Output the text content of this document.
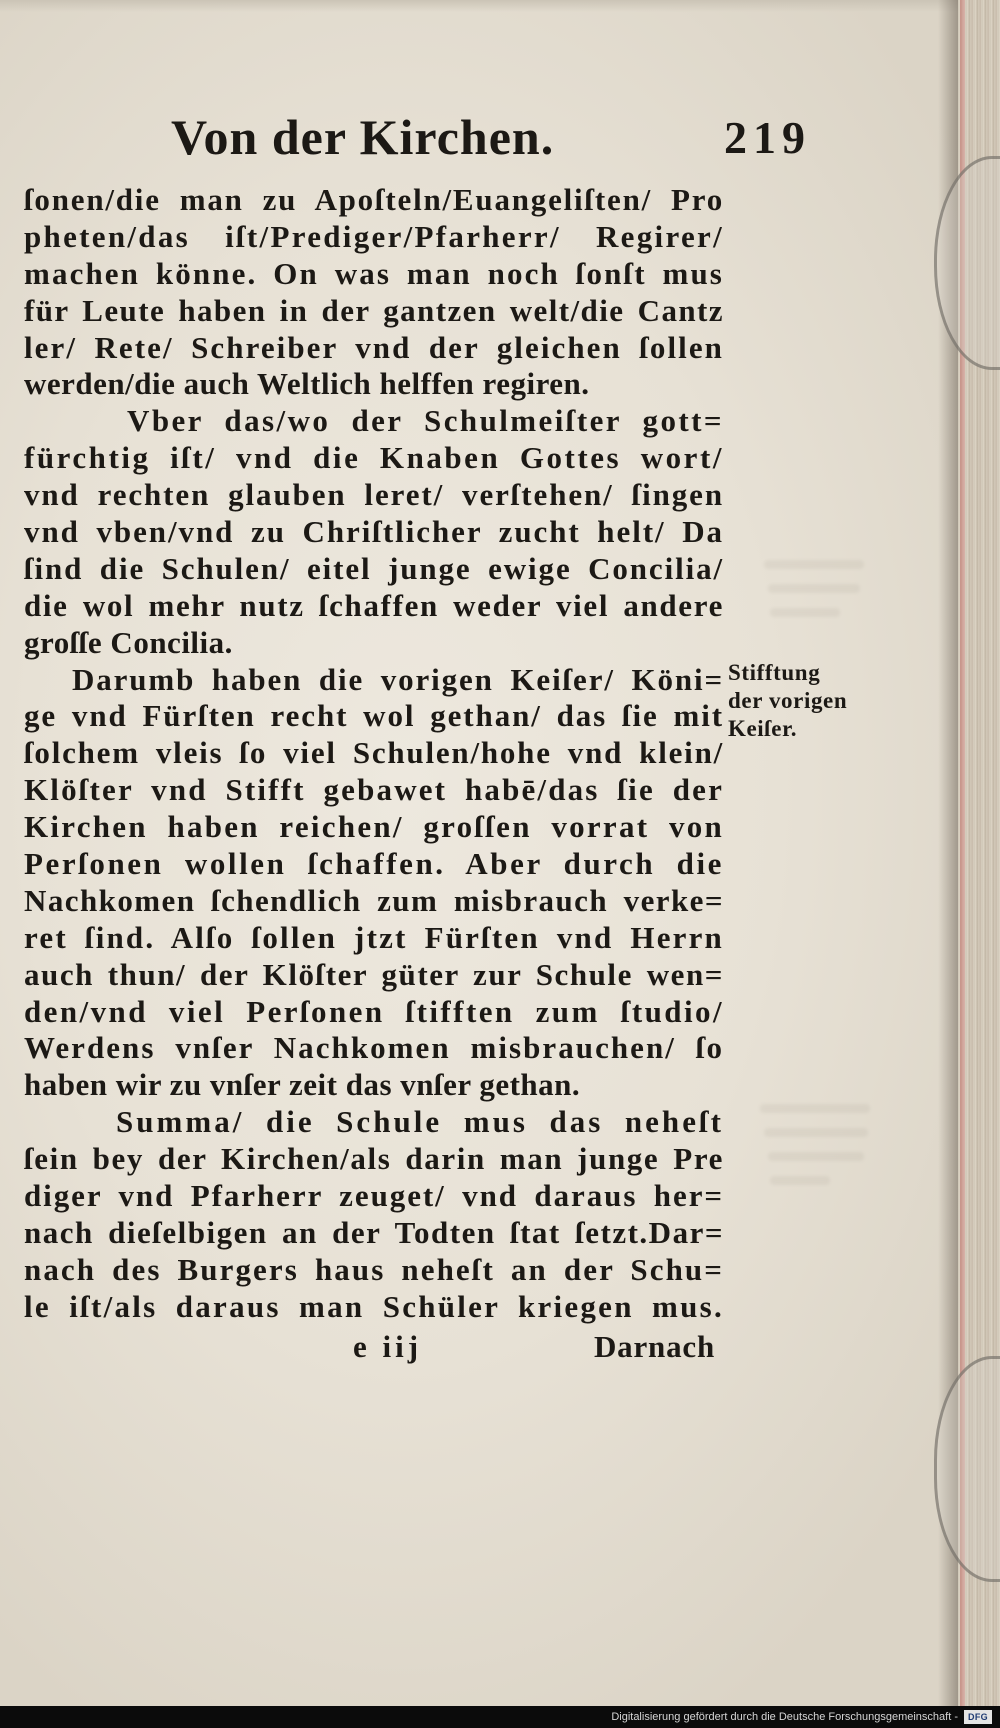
Von der Kirchen.	219
ſonen/die man zu Apoſteln/Euangeliſten/ Pro
pheten/das iſt/Prediger/Pfarherr/ Regirer/
machen könne. On was man noch ſonſt mus
für Leute haben in der gantzen welt/die Cantz
ler/ Rete/ Schreiber vnd der gleichen ſollen
werden/die auch Weltlich helffen regiren.
Vber das/wo der Schulmeiſter gott=
fürchtig iſt/ vnd die Knaben Gottes wort/
vnd rechten glauben leret/ verſtehen/ ſingen
vnd vben/vnd zu Chriſtlicher zucht helt/ Da
ſind die Schulen/ eitel junge ewige Concilia/
die wol mehr nutz ſchaffen weder viel andere
groſſe Concilia.
Darumb haben die vorigen Keiſer/ Köni=
ge vnd Fürſten recht wol gethan/ das ſie mit
ſolchem vleis ſo viel Schulen/hohe vnd klein/
Klöſter vnd Stifft gebawet habē/das ſie der
Kirchen haben reichen/ groſſen vorrat von
Perſonen wollen ſchaffen. Aber durch die
Nachkomen ſchendlich zum misbrauch verke=
ret ſind. Alſo ſollen jtzt Fürſten vnd Herrn
auch thun/ der Klöſter güter zur Schule wen=
den/vnd viel Perſonen ſtifften zum ſtudio/
Werdens vnſer Nachkomen misbrauchen/ ſo
haben wir zu vnſer zeit das vnſer gethan.
Summa/ die Schule mus das neheſt
ſein bey der Kirchen/als darin man junge Pre
diger vnd Pfarherr zeuget/ vnd daraus her=
nach dieſelbigen an der Todten ſtat ſetzt.Dar=
nach des Burgers haus neheſt an der Schu=
le iſt/als daraus man Schüler kriegen mus.
Stifftung
der vorigen
Keiſer.
e iij	Darnach
Digitalisierung gefördert durch die Deutsche Forschungsgemeinschaft -	DFG
